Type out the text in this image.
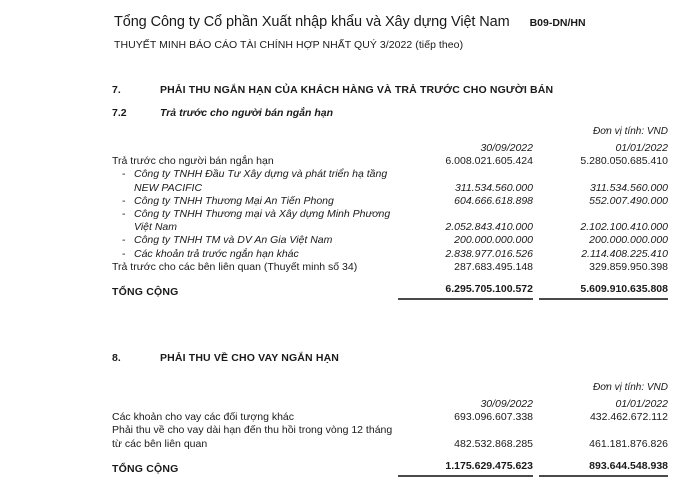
Tổng Công ty Cổ phần Xuất nhập khẩu và Xây dựng Việt Nam B09-DN/HN
THUYẾT MINH BÁO CÁO TÀI CHÍNH HỢP NHẤT QUÝ 3/2022 (tiếp theo)
7.	PHẢI THU NGẮN HẠN CỦA KHÁCH HÀNG VÀ TRẢ TRƯỚC CHO NGƯỜI BÁN
7.2	Trả trước cho người bán ngắn hạn
Đơn vị tính: VND
	30/09/2022		01/01/2022

Trả trước cho người bán ngắn hạn	6.008.021.605.424		5.280.050.685.410

- Công ty TNHH Đầu Tư Xây dựng và phát triển hạ tầng NEW PACIFIC	311.534.560.000		311.534.560.000

- Công ty TNHH Thương Mại An Tiến Phong	604.666.618.898		552.007.490.000

- Công ty TNHH Thương mại và Xây dựng Minh Phương Việt Nam	2.052.843.410.000		2.102.100.410.000

- Công ty TNHH TM và DV An Gia Việt Nam	200.000.000.000		200.000.000.000

- Các khoản trả trước ngắn hạn khác	2.838.977.016.526		2.114.408.225.410

Trả trước cho các bên liên quan (Thuyết minh số 34)	287.683.495.148		329.859.950.398

TỔNG CỘNG	6.295.705.100.572		5.609.910.635.808
8.	PHẢI THU VỀ CHO VAY NGẮN HẠN
Đơn vị tính: VND
	30/09/2022		01/01/2022

Các khoản cho vay các đối tượng khác	693.096.607.338		432.462.672.112

Phải thu về cho vay dài hạn đến thu hồi trong vòng 12 tháng từ các bên liên quan	482.532.868.285		461.181.876.826

TỔNG CỘNG	1.175.629.475.623		893.644.548.938
